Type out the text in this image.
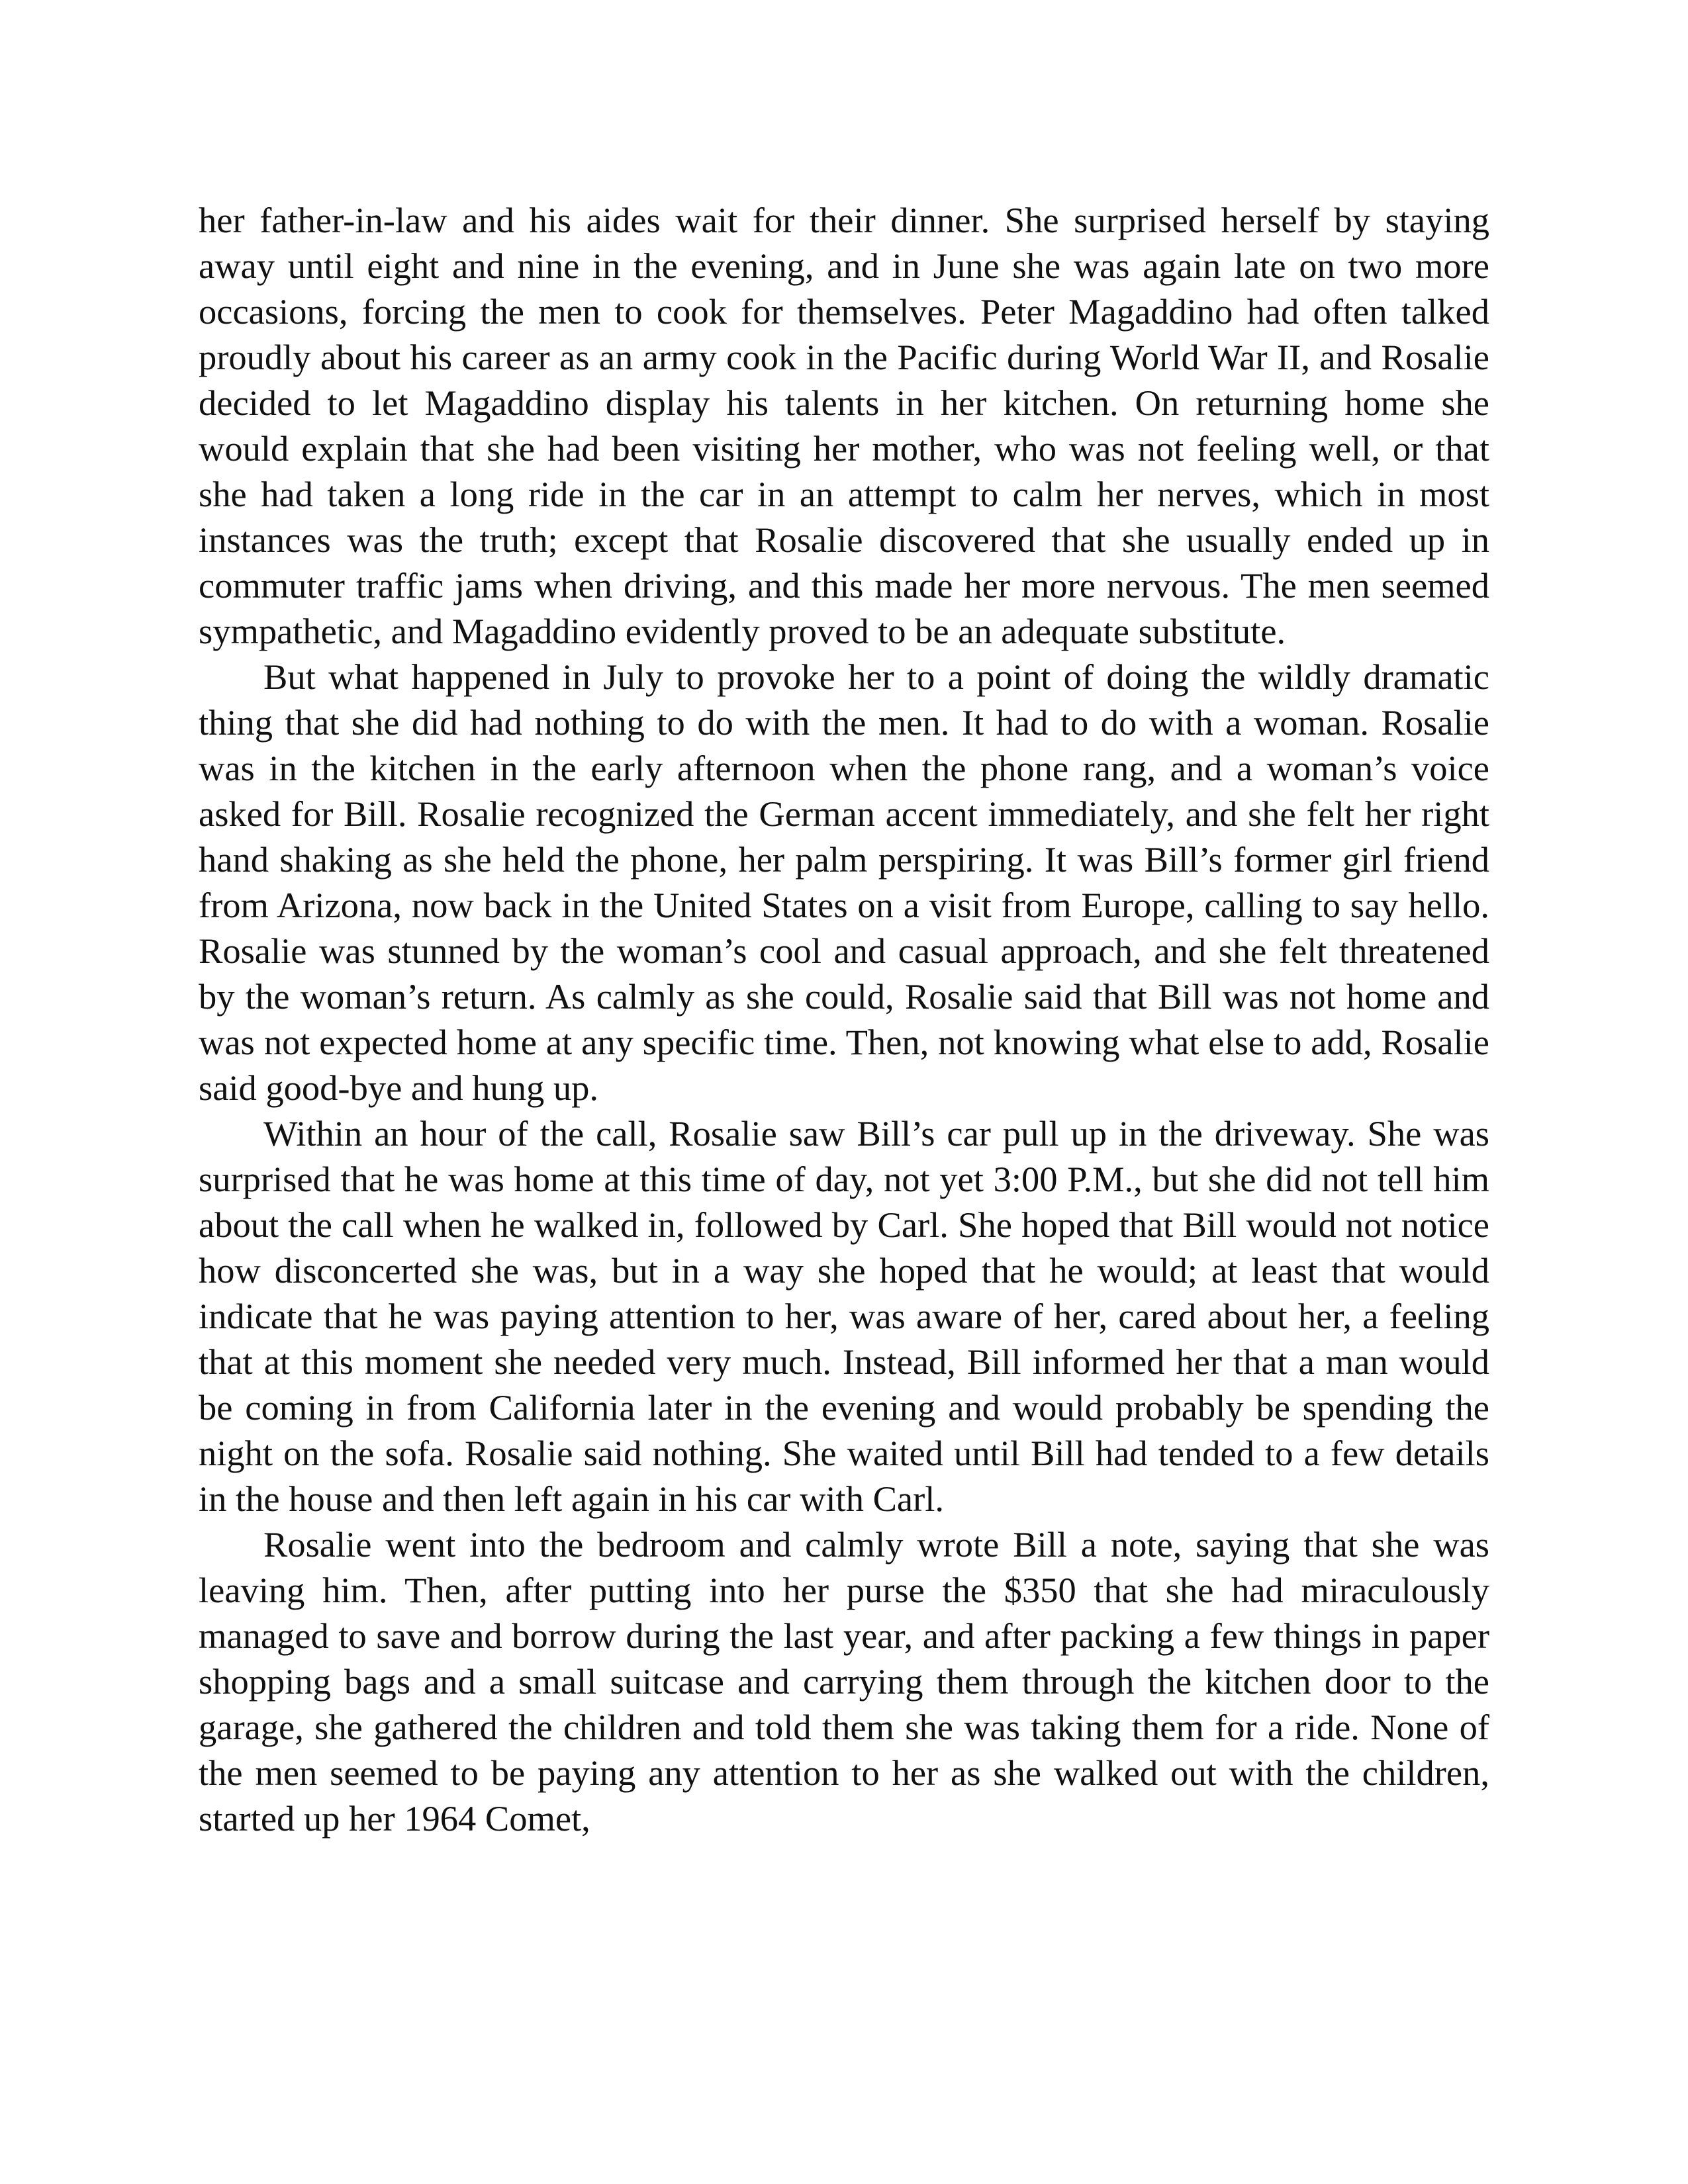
her father-in-law and his aides wait for their dinner. She surprised herself by staying away until eight and nine in the evening, and in June she was again late on two more occasions, forcing the men to cook for themselves. Peter Magaddino had often talked proudly about his career as an army cook in the Pacific during World War II, and Rosalie decided to let Magaddino display his talents in her kitchen. On returning home she would explain that she had been visiting her mother, who was not feeling well, or that she had taken a long ride in the car in an attempt to calm her nerves, which in most instances was the truth; except that Rosalie discovered that she usually ended up in commuter traffic jams when driving, and this made her more nervous. The men seemed sympathetic, and Magaddino evidently proved to be an adequate substitute.

But what happened in July to provoke her to a point of doing the wildly dramatic thing that she did had nothing to do with the men. It had to do with a woman. Rosalie was in the kitchen in the early afternoon when the phone rang, and a woman’s voice asked for Bill. Rosalie recognized the German accent immediately, and she felt her right hand shaking as she held the phone, her palm perspiring. It was Bill’s former girl friend from Arizona, now back in the United States on a visit from Europe, calling to say hello. Rosalie was stunned by the woman’s cool and casual approach, and she felt threatened by the woman’s return. As calmly as she could, Rosalie said that Bill was not home and was not expected home at any specific time. Then, not knowing what else to add, Rosalie said good-bye and hung up.

Within an hour of the call, Rosalie saw Bill’s car pull up in the driveway. She was surprised that he was home at this time of day, not yet 3:00 P.M., but she did not tell him about the call when he walked in, followed by Carl. She hoped that Bill would not notice how disconcerted she was, but in a way she hoped that he would; at least that would indicate that he was paying attention to her, was aware of her, cared about her, a feeling that at this moment she needed very much. Instead, Bill informed her that a man would be coming in from California later in the evening and would probably be spending the night on the sofa. Rosalie said nothing. She waited until Bill had tended to a few details in the house and then left again in his car with Carl.

Rosalie went into the bedroom and calmly wrote Bill a note, saying that she was leaving him. Then, after putting into her purse the $350 that she had miraculously managed to save and borrow during the last year, and after packing a few things in paper shopping bags and a small suitcase and carrying them through the kitchen door to the garage, she gathered the children and told them she was taking them for a ride. None of the men seemed to be paying any attention to her as she walked out with the children, started up her 1964 Comet,
